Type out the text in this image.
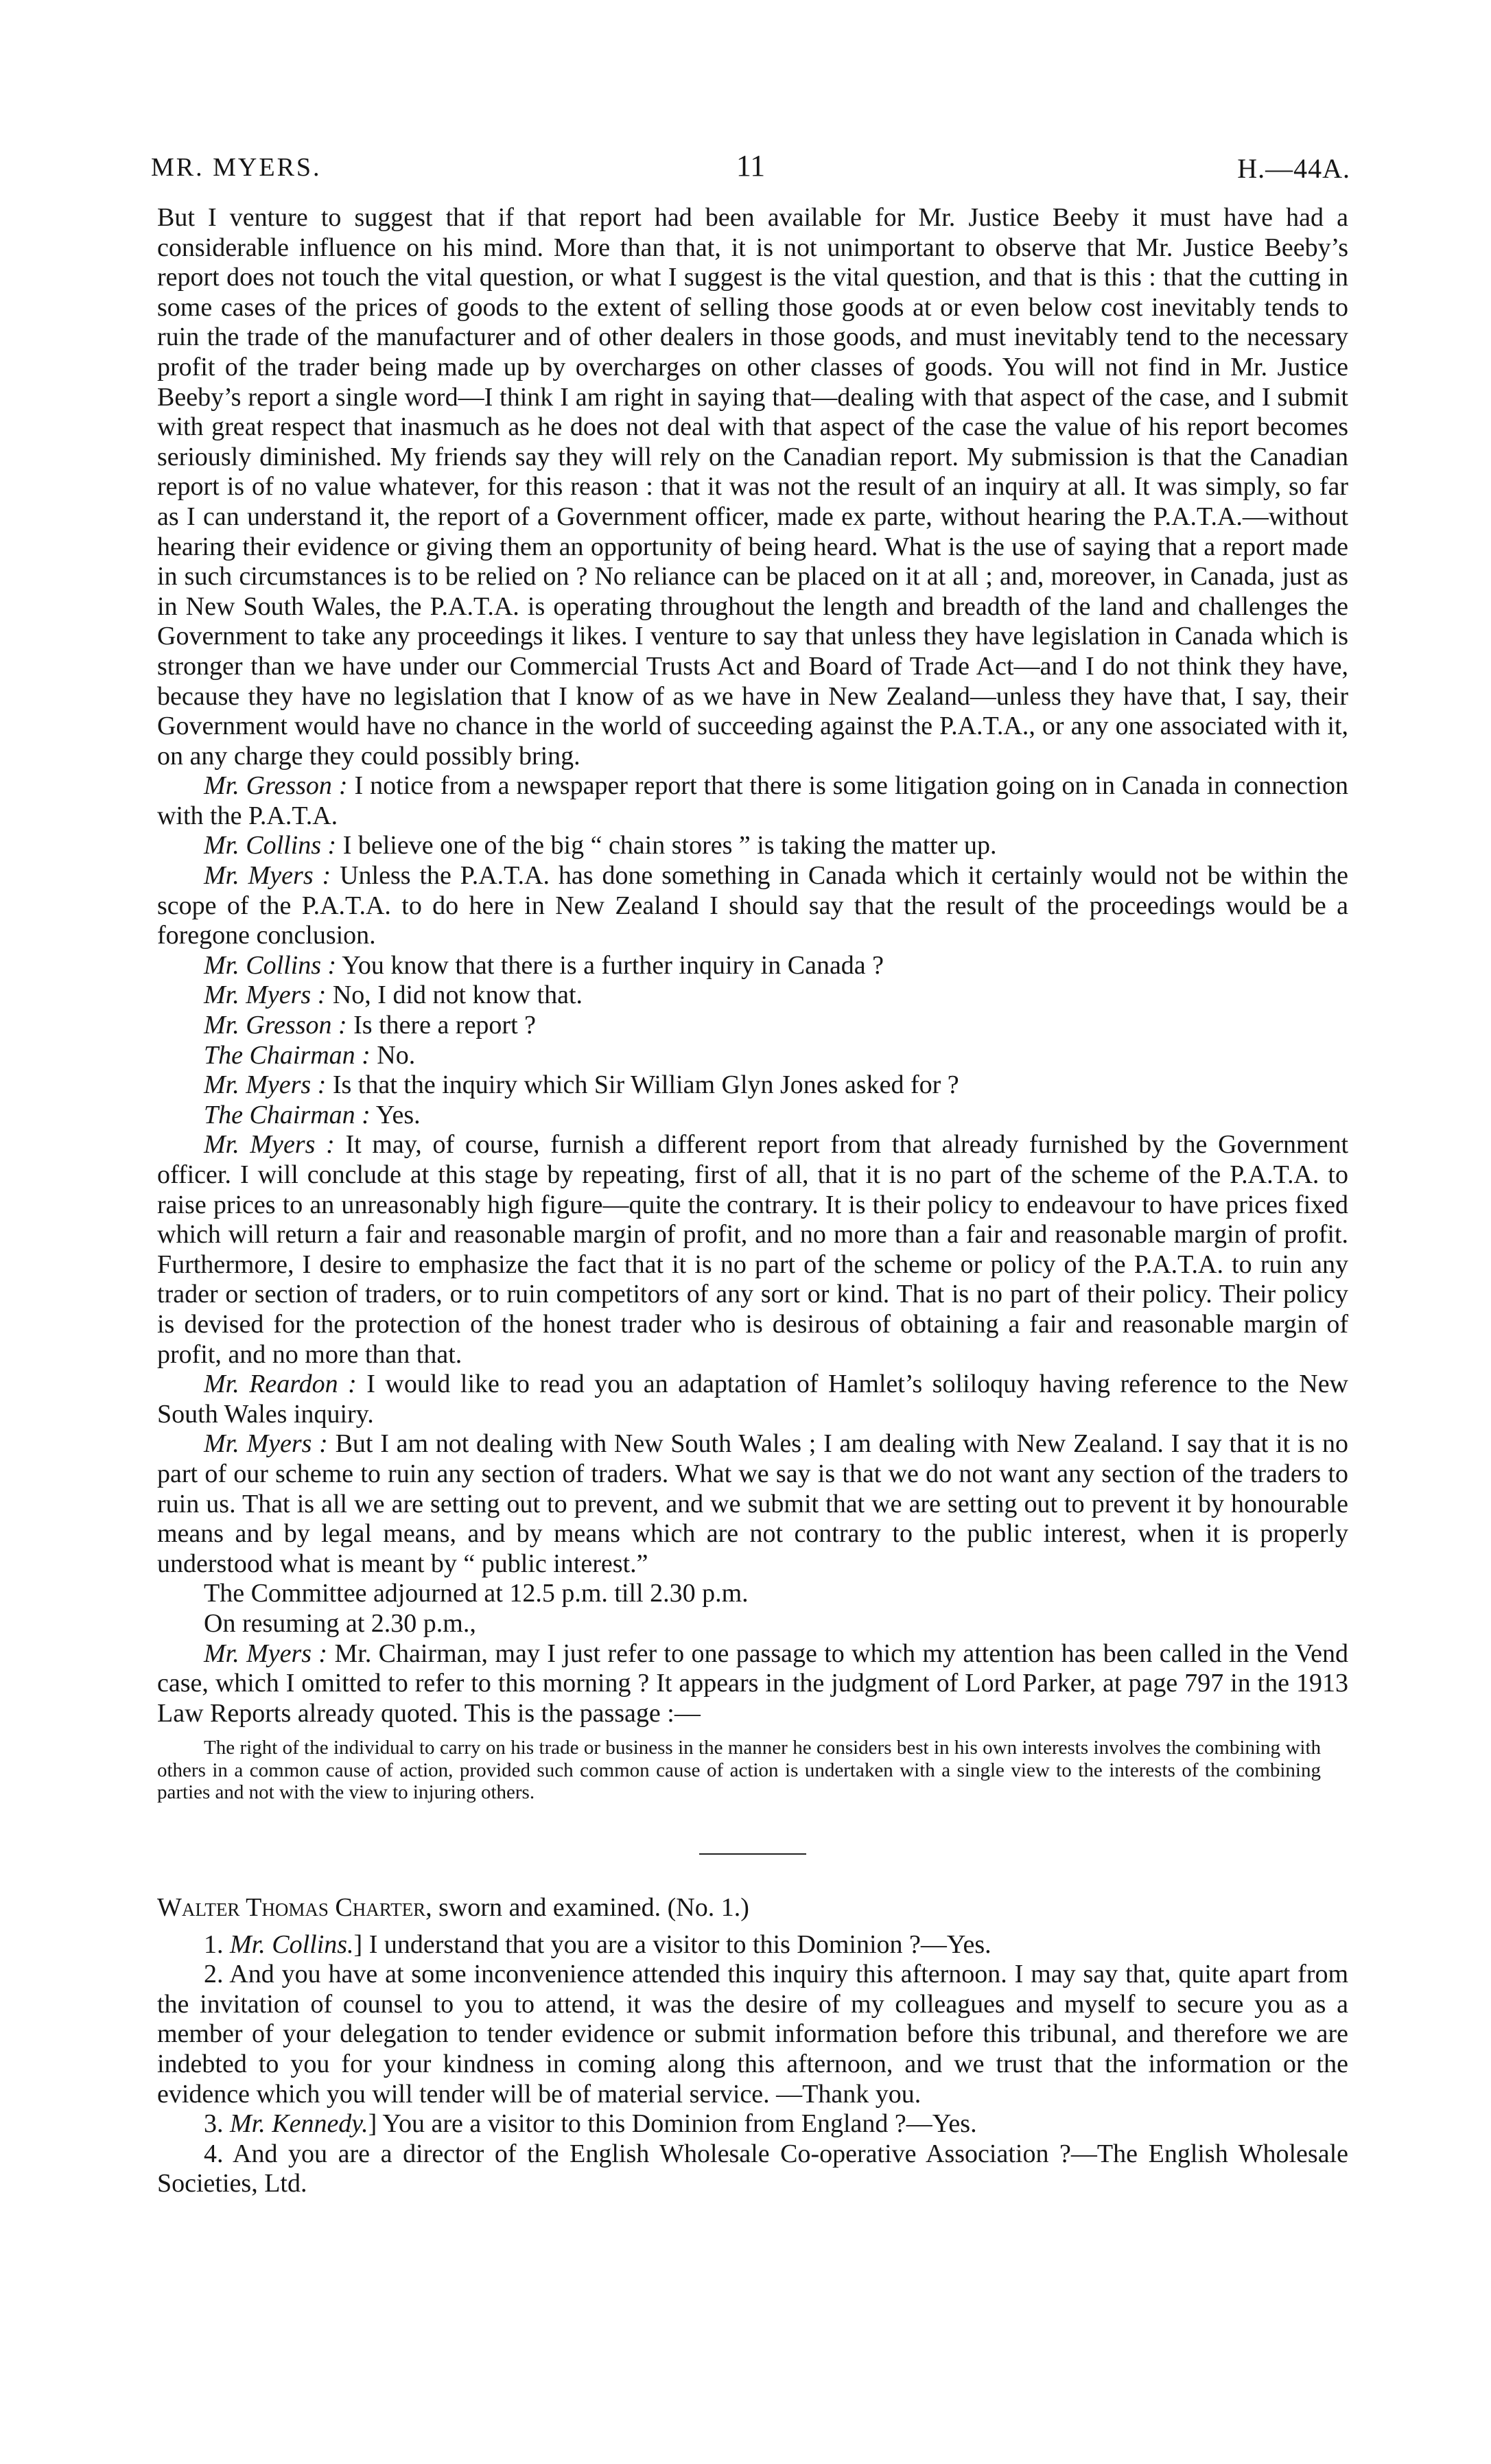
MR. MYERS.	11	H.—44A.

But I venture to suggest that if that report had been available for Mr. Justice Beeby it must have had a considerable influence on his mind. More than that, it is not unimportant to observe that Mr. Justice Beeby’s report does not touch the vital question, or what I suggest is the vital question, and that is this : that the cutting in some cases of the prices of goods to the extent of selling those goods at or even below cost inevitably tends to ruin the trade of the manufacturer and of other dealers in those goods, and must inevitably tend to the necessary profit of the trader being made up by overcharges on other classes of goods. You will not find in Mr. Justice Beeby’s report a single word—I think I am right in saying that—dealing with that aspect of the case, and I submit with great respect that inasmuch as he does not deal with that aspect of the case the value of his report becomes seriously diminished. My friends say they will rely on the Canadian report. My submission is that the Canadian report is of no value whatever, for this reason : that it was not the result of an inquiry at all. It was simply, so far as I can understand it, the report of a Government officer, made ex parte, without hearing the P.A.T.A.—without hearing their evidence or giving them an opportunity of being heard. What is the use of saying that a report made in such circumstances is to be relied on ? No reliance can be placed on it at all ; and, moreover, in Canada, just as in New South Wales, the P.A.T.A. is operating throughout the length and breadth of the land and challenges the Government to take any proceedings it likes. I venture to say that unless they have legislation in Canada which is stronger than we have under our Commercial Trusts Act and Board of Trade Act—and I do not think they have, because they have no legislation that I know of as we have in New Zealand—unless they have that, I say, their Government would have no chance in the world of succeeding against the P.A.T.A., or any one associated with it, on any charge they could possibly bring.

Mr. Gresson : I notice from a newspaper report that there is some litigation going on in Canada in connection with the P.A.T.A.

Mr. Collins : I believe one of the big “ chain stores ” is taking the matter up.

Mr. Myers : Unless the P.A.T.A. has done something in Canada which it certainly would not be within the scope of the P.A.T.A. to do here in New Zealand I should say that the result of the proceedings would be a foregone conclusion.

Mr. Collins : You know that there is a further inquiry in Canada ?

Mr. Myers : No, I did not know that.

Mr. Gresson : Is there a report ?

The Chairman : No.

Mr. Myers : Is that the inquiry which Sir William Glyn Jones asked for ?

The Chairman : Yes.

Mr. Myers : It may, of course, furnish a different report from that already furnished by the Government officer. I will conclude at this stage by repeating, first of all, that it is no part of the scheme of the P.A.T.A. to raise prices to an unreasonably high figure—quite the contrary. It is their policy to endeavour to have prices fixed which will return a fair and reasonable margin of profit, and no more than a fair and reasonable margin of profit. Furthermore, I desire to emphasize the fact that it is no part of the scheme or policy of the P.A.T.A. to ruin any trader or section of traders, or to ruin competitors of any sort or kind. That is no part of their policy. Their policy is devised for the protection of the honest trader who is desirous of obtaining a fair and reasonable margin of profit, and no more than that.

Mr. Reardon : I would like to read you an adaptation of Hamlet’s soliloquy having reference to the New South Wales inquiry.

Mr. Myers : But I am not dealing with New South Wales ; I am dealing with New Zealand. I say that it is no part of our scheme to ruin any section of traders. What we say is that we do not want any section of the traders to ruin us. That is all we are setting out to prevent, and we submit that we are setting out to prevent it by honourable means and by legal means, and by means which are not contrary to the public interest, when it is properly understood what is meant by “ public interest.”

The Committee adjourned at 12.5 p.m. till 2.30 p.m.

On resuming at 2.30 p.m.,

Mr. Myers : Mr. Chairman, may I just refer to one passage to which my attention has been called in the Vend case, which I omitted to refer to this morning ? It appears in the judgment of Lord Parker, at page 797 in the 1913 Law Reports already quoted. This is the passage :—

The right of the individual to carry on his trade or business in the manner he considers best in his own interests involves the combining with others in a common cause of action, provided such common cause of action is undertaken with a single view to the interests of the combining parties and not with the view to injuring others.

Walter Thomas Charter, sworn and examined. (No. 1.)

1. Mr. Collins.] I understand that you are a visitor to this Dominion ?—Yes.

2. And you have at some inconvenience attended this inquiry this afternoon. I may say that, quite apart from the invitation of counsel to you to attend, it was the desire of my colleagues and myself to secure you as a member of your delegation to tender evidence or submit information before this tribunal, and therefore we are indebted to you for your kindness in coming along this afternoon, and we trust that the information or the evidence which you will tender will be of material service. —Thank you.

3. Mr. Kennedy.] You are a visitor to this Dominion from England ?—Yes.

4. And you are a director of the English Wholesale Co-operative Association ?—The English Wholesale Societies, Ltd.
